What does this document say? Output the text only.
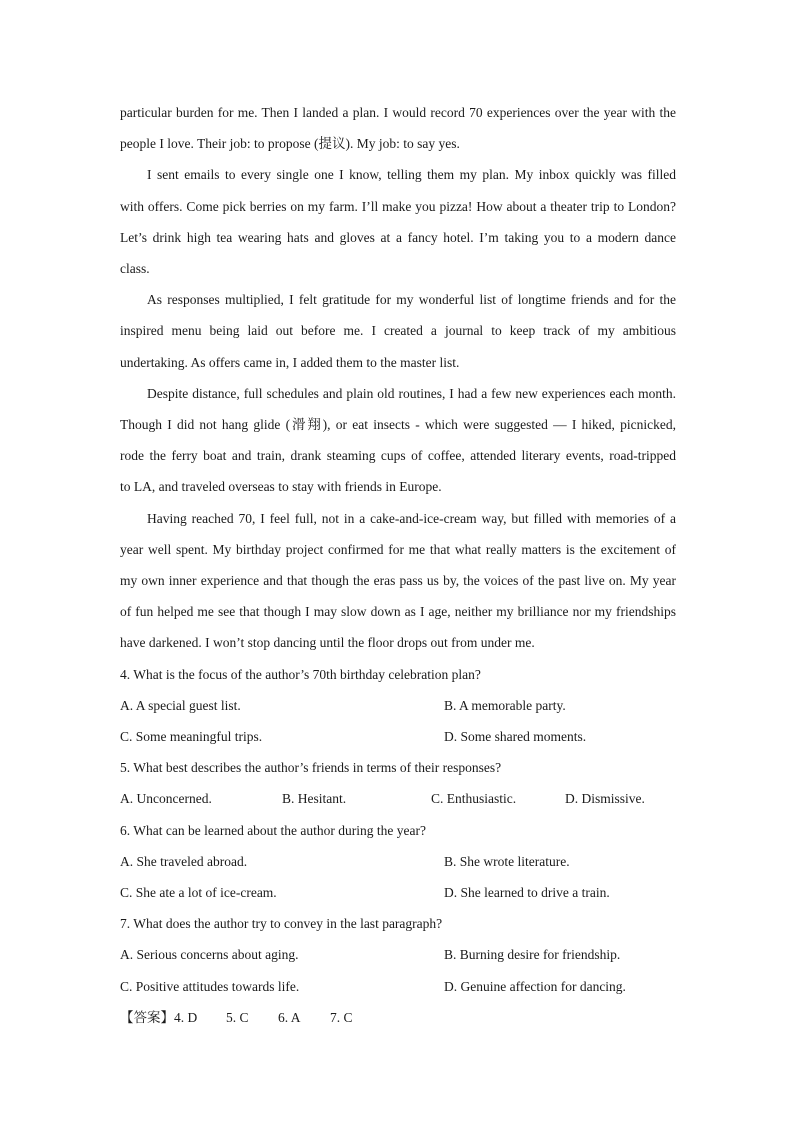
particular burden for me. Then I landed a plan. I would record 70 experiences over the year with the
people I love. Their job: to propose (提议). My job: to say yes.
I sent emails to every single one I know, telling them my plan. My inbox quickly was filled
with offers. Come pick berries on my farm. I’ll make you pizza! How about a theater trip to London?
Let’s drink high tea wearing hats and gloves at a fancy hotel. I’m taking you to a modern dance
class.
As responses multiplied, I felt gratitude for my wonderful list of longtime friends and for the
inspired menu being laid out before me. I created a journal to keep track of my ambitious
undertaking. As offers came in, I added them to the master list.
Despite distance, full schedules and plain old routines, I had a few new experiences each month.
Though I did not hang glide (滑翔), or eat insects - which were suggested — I hiked, picnicked,
rode the ferry boat and train, drank steaming cups of coffee, attended literary events, road-tripped
to LA, and traveled overseas to stay with friends in Europe.
Having reached 70, I feel full, not in a cake-and-ice-cream way, but filled with memories of a
year well spent. My birthday project confirmed for me that what really matters is the excitement of
my own inner experience and that though the eras pass us by, the voices of the past live on. My year
of fun helped me see that though I may slow down as I age, neither my brilliance nor my friendships
have darkened. I won’t stop dancing until the floor drops out from under me.
4. What is the focus of the author’s 70th birthday celebration plan?
A. A special guest list.	B. A memorable party.
C. Some meaningful trips.	D. Some shared moments.
5. What best describes the author’s friends in terms of their responses?
A. Unconcerned.	B. Hesitant.	C. Enthusiastic.	D. Dismissive.
6. What can be learned about the author during the year?
A. She traveled abroad.	B. She wrote literature.
C. She ate a lot of ice-cream.	D. She learned to drive a train.
7. What does the author try to convey in the last paragraph?
A. Serious concerns about aging.	B. Burning desire for friendship.
C. Positive attitudes towards life.	D. Genuine affection for dancing.
【答案】4. D 5. C 6. A 7. C
